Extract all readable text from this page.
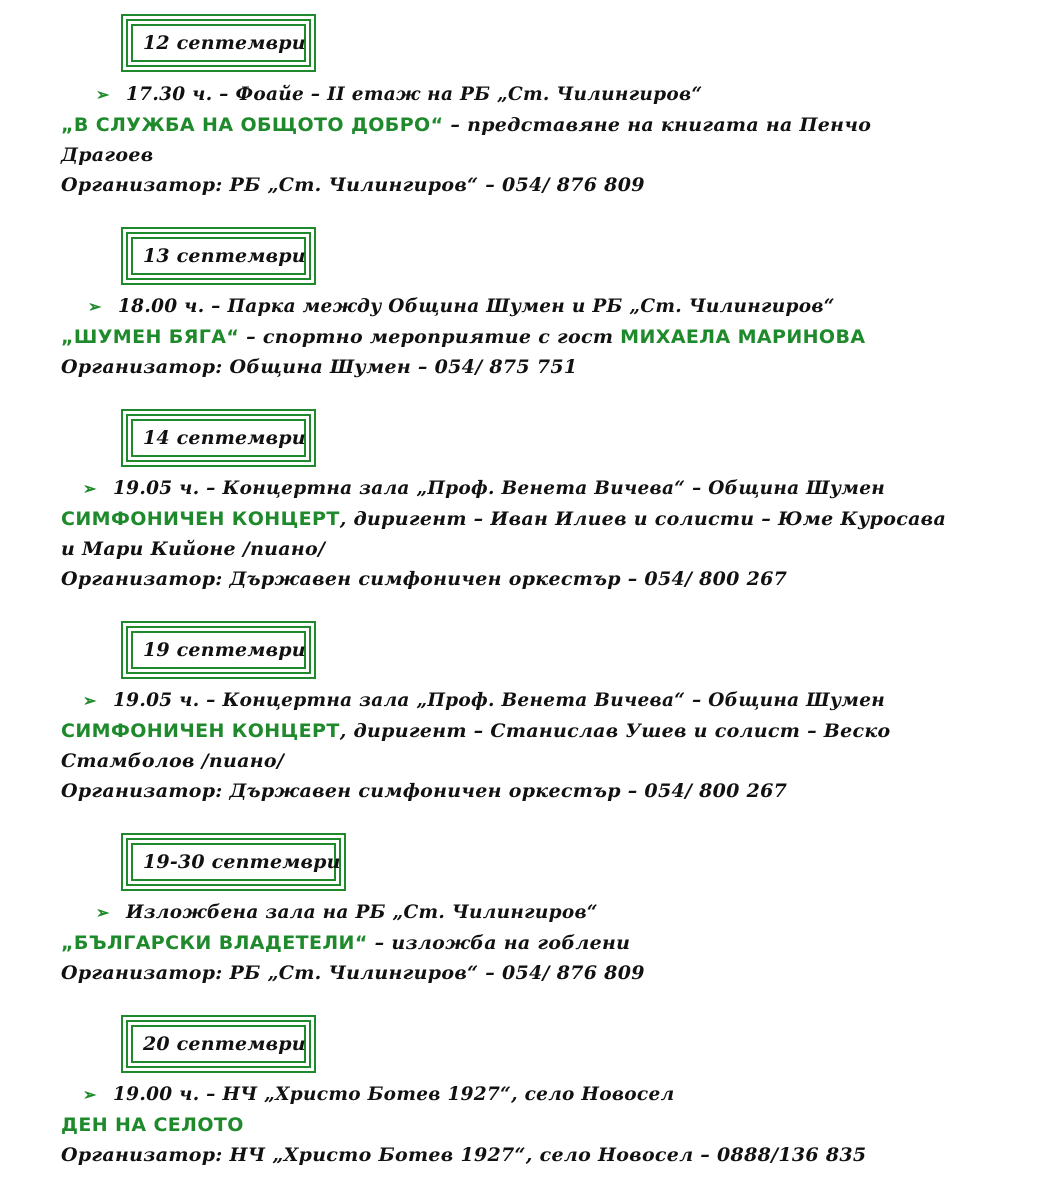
12 септември
➢ 17.30 ч. – Фоайе – II етаж на РБ „Ст. Чилингиров“
„В СЛУЖБА НА ОБЩОТО ДОБРО“ – представяне на книгата на Пенчо
Драгоев
Организатор: РБ „Ст. Чилингиров“ – 054/ 876 809
13 септември
➢ 18.00 ч. – Парка между Община Шумен и РБ „Ст. Чилингиров“
„ШУМЕН БЯГА“ – спортно мероприятие с гост МИХАЕЛА МАРИНОВА
Организатор: Община Шумен – 054/ 875 751
14 септември
➢ 19.05 ч. – Концертна зала „Проф. Венета Вичева“ – Община Шумен
СИМФОНИЧЕН КОНЦЕРТ, диригент – Иван Илиев и солисти – Юме Куросава
и Мари Кийоне /пиано/
Организатор: Държавен симфоничен оркестър – 054/ 800 267
19 септември
➢ 19.05 ч. – Концертна зала „Проф. Венета Вичева“ – Община Шумен
СИМФОНИЧЕН КОНЦЕРТ, диригент – Станислав Ушев и солист – Веско
Стамболов /пиано/
Организатор: Държавен симфоничен оркестър – 054/ 800 267
19-30 септември
➢ Изложбена зала на РБ „Ст. Чилингиров“
„БЪЛГАРСКИ ВЛАДЕТЕЛИ“ – изложба на гоблени
Организатор: РБ „Ст. Чилингиров“ – 054/ 876 809
20 септември
➢ 19.00 ч. – НЧ „Христо Ботев 1927“, село Новосел
ДЕН НА СЕЛОТО
Организатор: НЧ „Христо Ботев 1927“, село Новосел – 0888/136 835
